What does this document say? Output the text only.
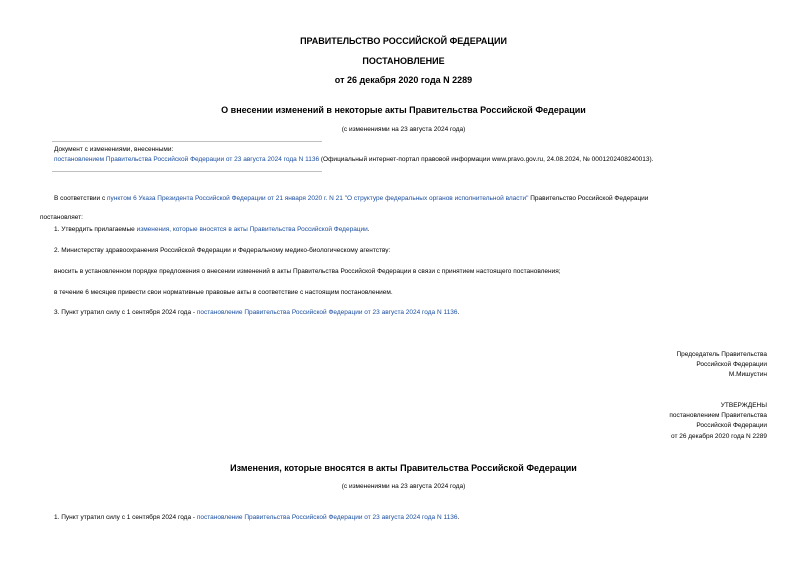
ПРАВИТЕЛЬСТВО РОССИЙСКОЙ ФЕДЕРАЦИИ
ПОСТАНОВЛЕНИЕ
от 26 декабря 2020 года N 2289
О внесении изменений в некоторые акты Правительства Российской Федерации
(с изменениями на 23 августа 2024 года)
Документ с изменениями, внесенными:
постановлением Правительства Российской Федерации от 23 августа 2024 года N 1136 (Официальный интернет-портал правовой информации www.pravo.gov.ru, 24.08.2024, № 0001202408240013).
В соответствии с пунктом 6 Указа Президента Российской Федерации от 21 января 2020 г. N 21 "О структуре федеральных органов исполнительной власти" Правительство Российской Федерации
постановляет:
1. Утвердить прилагаемые изменения, которые вносятся в акты Правительства Российской Федерации.
2. Министерству здравоохранения Российской Федерации и Федеральному медико-биологическому агентству:
вносить в установленном порядке предложения о внесении изменений в акты Правительства Российской Федерации в связи с принятием настоящего постановления;
в течение 6 месяцев привести свои нормативные правовые акты в соответствие с настоящим постановлением.
3. Пункт утратил силу с 1 сентября 2024 года - постановление Правительства Российской Федерации от 23 августа 2024 года N 1136.
Председатель Правительства
Российской Федерации
М.Мишустин
УТВЕРЖДЕНЫ
постановлением Правительства
Российской Федерации
от 26 декабря 2020 года N 2289
Изменения, которые вносятся в акты Правительства Российской Федерации
(с изменениями на 23 августа 2024 года)
1. Пункт утратил силу с 1 сентября 2024 года - постановление Правительства Российской Федерации от 23 августа 2024 года N 1136.
